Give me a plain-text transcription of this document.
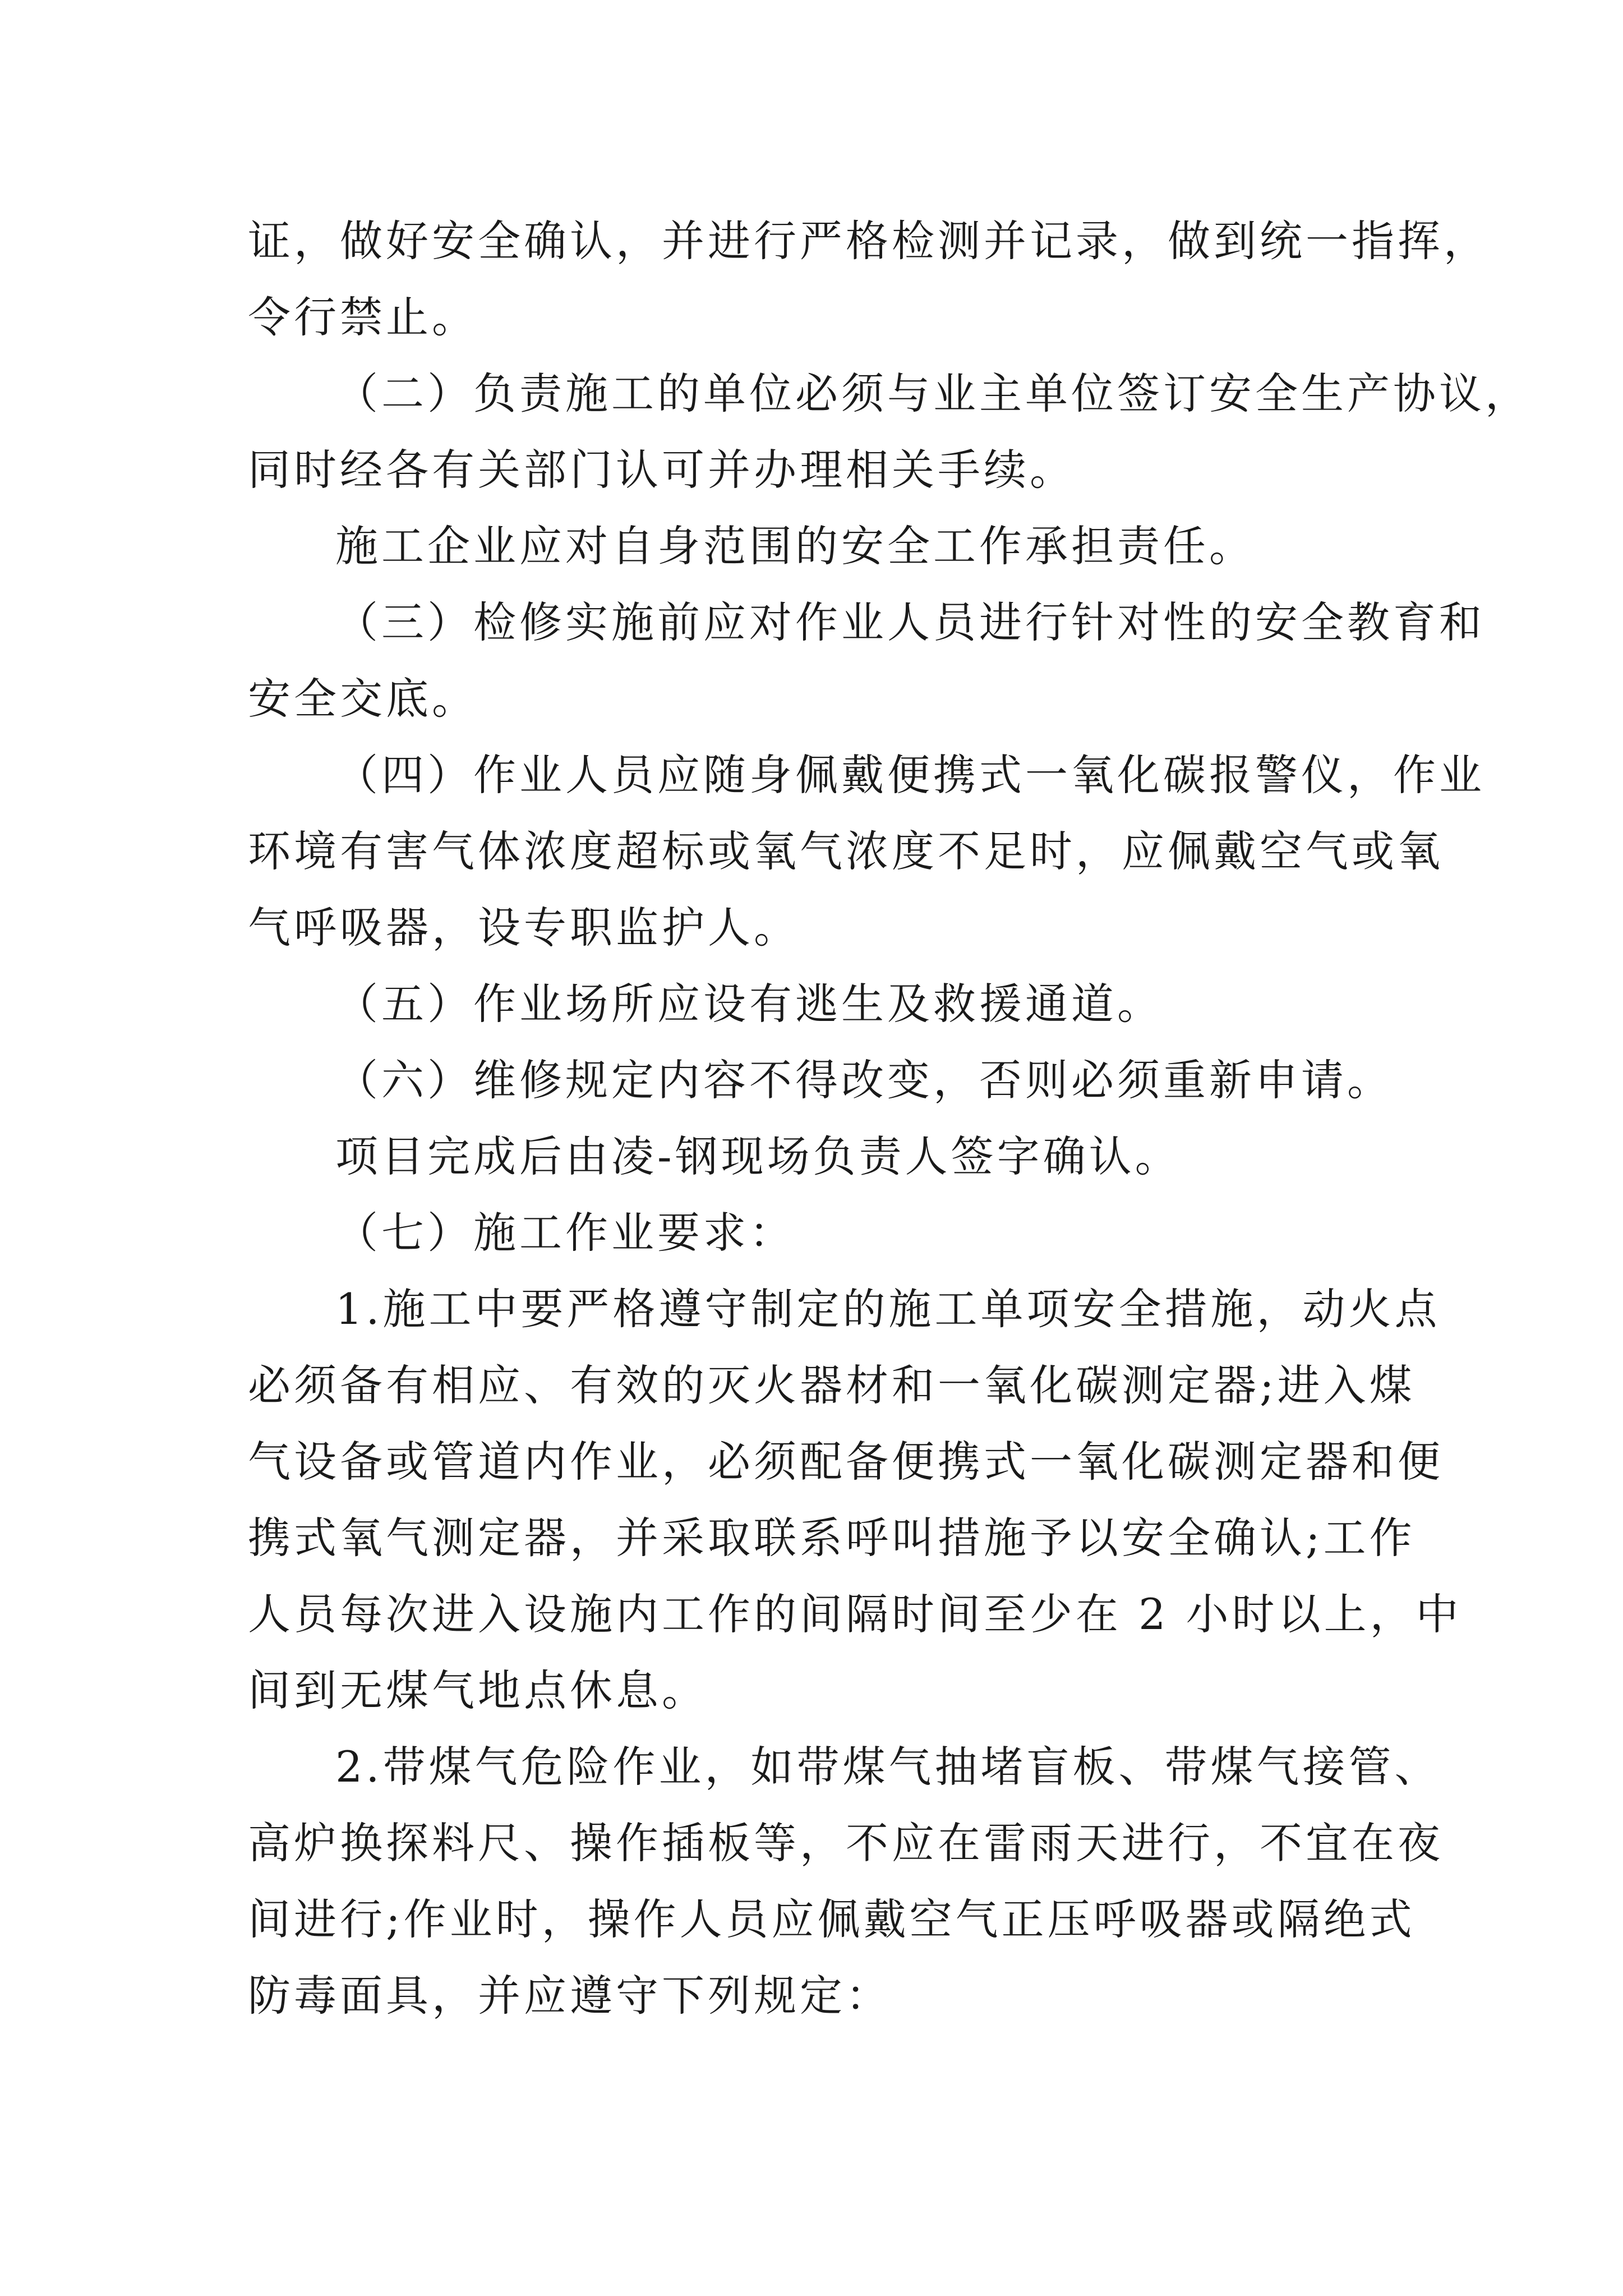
证，做好安全确认，并进行严格检测并记录，做到统一指挥，
令行禁止。
（二）负责施工的单位必须与业主单位签订安全生产协议，
同时经各有关部门认可并办理相关手续。
施工企业应对自身范围的安全工作承担责任。
（三）检修实施前应对作业人员进行针对性的安全教育和
安全交底。
（四）作业人员应随身佩戴便携式一氧化碳报警仪，作业
环境有害气体浓度超标或氧气浓度不足时，应佩戴空气或氧
气呼吸器，设专职监护人。
（五）作业场所应设有逃生及救援通道。
（六）维修规定内容不得改变，否则必须重新申请。
项目完成后由凌-钢现场负责人签字确认。
（七）施工作业要求：
1.施工中要严格遵守制定的施工单项安全措施，动火点
必须备有相应、有效的灭火器材和一氧化碳测定器;进入煤
气设备或管道内作业，必须配备便携式一氧化碳测定器和便
携式氧气测定器，并采取联系呼叫措施予以安全确认;工作
人员每次进入设施内工作的间隔时间至少在 2 小时以上，中
间到无煤气地点休息。
2.带煤气危险作业，如带煤气抽堵盲板、带煤气接管、
高炉换探料尺、操作插板等，不应在雷雨天进行，不宜在夜
间进行;作业时，操作人员应佩戴空气正压呼吸器或隔绝式
防毒面具，并应遵守下列规定：
